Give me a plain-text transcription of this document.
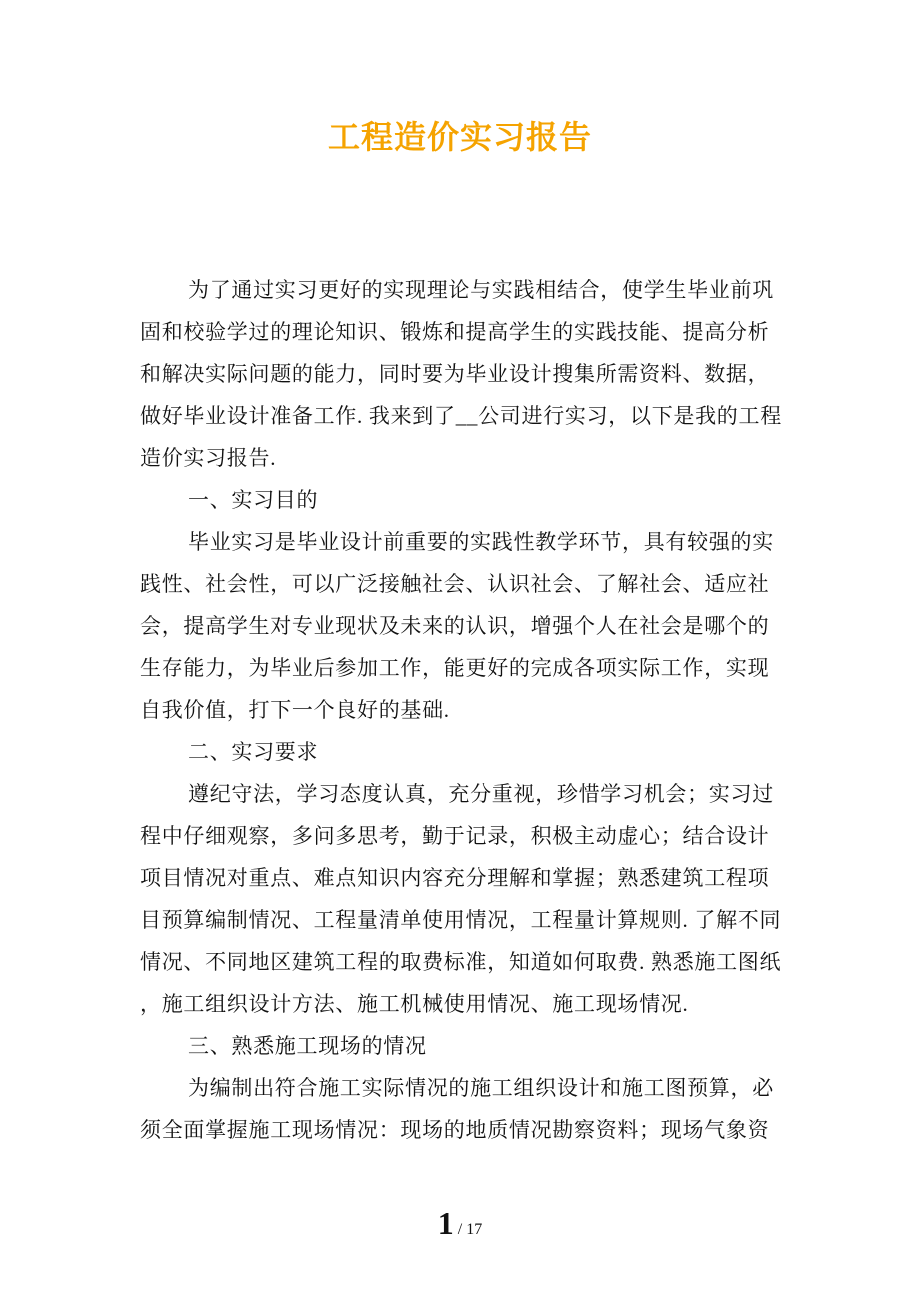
工程造价实习报告
为了通过实习更好的实现理论与实践相结合，使学生毕业前巩
固和校验学过的理论知识、锻炼和提高学生的实践技能、提高分析
和解决实际问题的能力，同时要为毕业设计搜集所需资料、数据，
做好毕业设计准备工作. 我来到了__公司进行实习，以下是我的工程
造价实习报告.
一、实习目的
毕业实习是毕业设计前重要的实践性教学环节，具有较强的实
践性、社会性，可以广泛接触社会、认识社会、了解社会、适应社
会，提高学生对专业现状及未来的认识，增强个人在社会是哪个的
生存能力，为毕业后参加工作，能更好的完成各项实际工作，实现
自我价值，打下一个良好的基础.
二、实习要求
遵纪守法，学习态度认真，充分重视，珍惜学习机会；实习过
程中仔细观察，多问多思考，勤于记录，积极主动虚心；结合设计
项目情况对重点、难点知识内容充分理解和掌握；熟悉建筑工程项
目预算编制情况、工程量清单使用情况，工程量计算规则. 了解不同
情况、不同地区建筑工程的取费标准，知道如何取费. 熟悉施工图纸
，施工组织设计方法、施工机械使用情况、施工现场情况.
三、熟悉施工现场的情况
为编制出符合施工实际情况的施工组织设计和施工图预算，必
须全面掌握施工现场情况：现场的地质情况勘察资料；现场气象资
1 / 17
